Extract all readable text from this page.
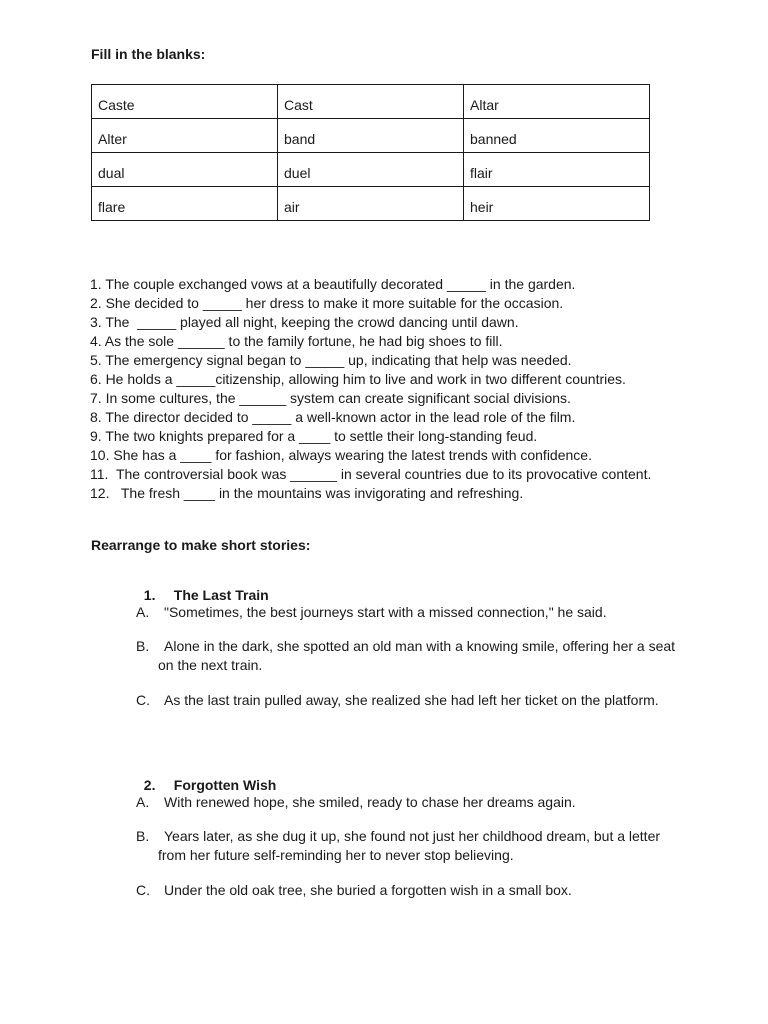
Fill in the blanks:
Caste	Cast	Altar
Alter	band	banned
dual	duel	flair
flare	air	heir
1. The couple exchanged vows at a beautifully decorated _____ in the garden.
2. She decided to _____ her dress to make it more suitable for the occasion.
3. The  _____ played all night, keeping the crowd dancing until dawn.
4. As the sole ______ to the family fortune, he had big shoes to fill.
5. The emergency signal began to _____ up, indicating that help was needed.
6. He holds a _____citizenship, allowing him to live and work in two different countries.
7. In some cultures, the ______ system can create significant social divisions.
8. The director decided to _____ a well-known actor in the lead role of the film.
9. The two knights prepared for a ____ to settle their long-standing feud.
10. She has a ____ for fashion, always wearing the latest trends with confidence.
11.  The controversial book was ______ in several countries due to its provocative content.
12.   The fresh ____ in the mountains was invigorating and refreshing.
Rearrange to make short stories:

1. The Last Train

A. "Sometimes, the best journeys start with a missed connection," he said.
B. Alone in the dark, she spotted an old man with a knowing smile, offering her a seat
on the next train.
C. As the last train pulled away, she realized she had left her ticket on the platform.

2. Forgotten Wish

A. With renewed hope, she smiled, ready to chase her dreams again.
B. Years later, as she dug it up, she found not just her childhood dream, but a letter
from her future self-reminding her to never stop believing.
C. Under the old oak tree, she buried a forgotten wish in a small box.
